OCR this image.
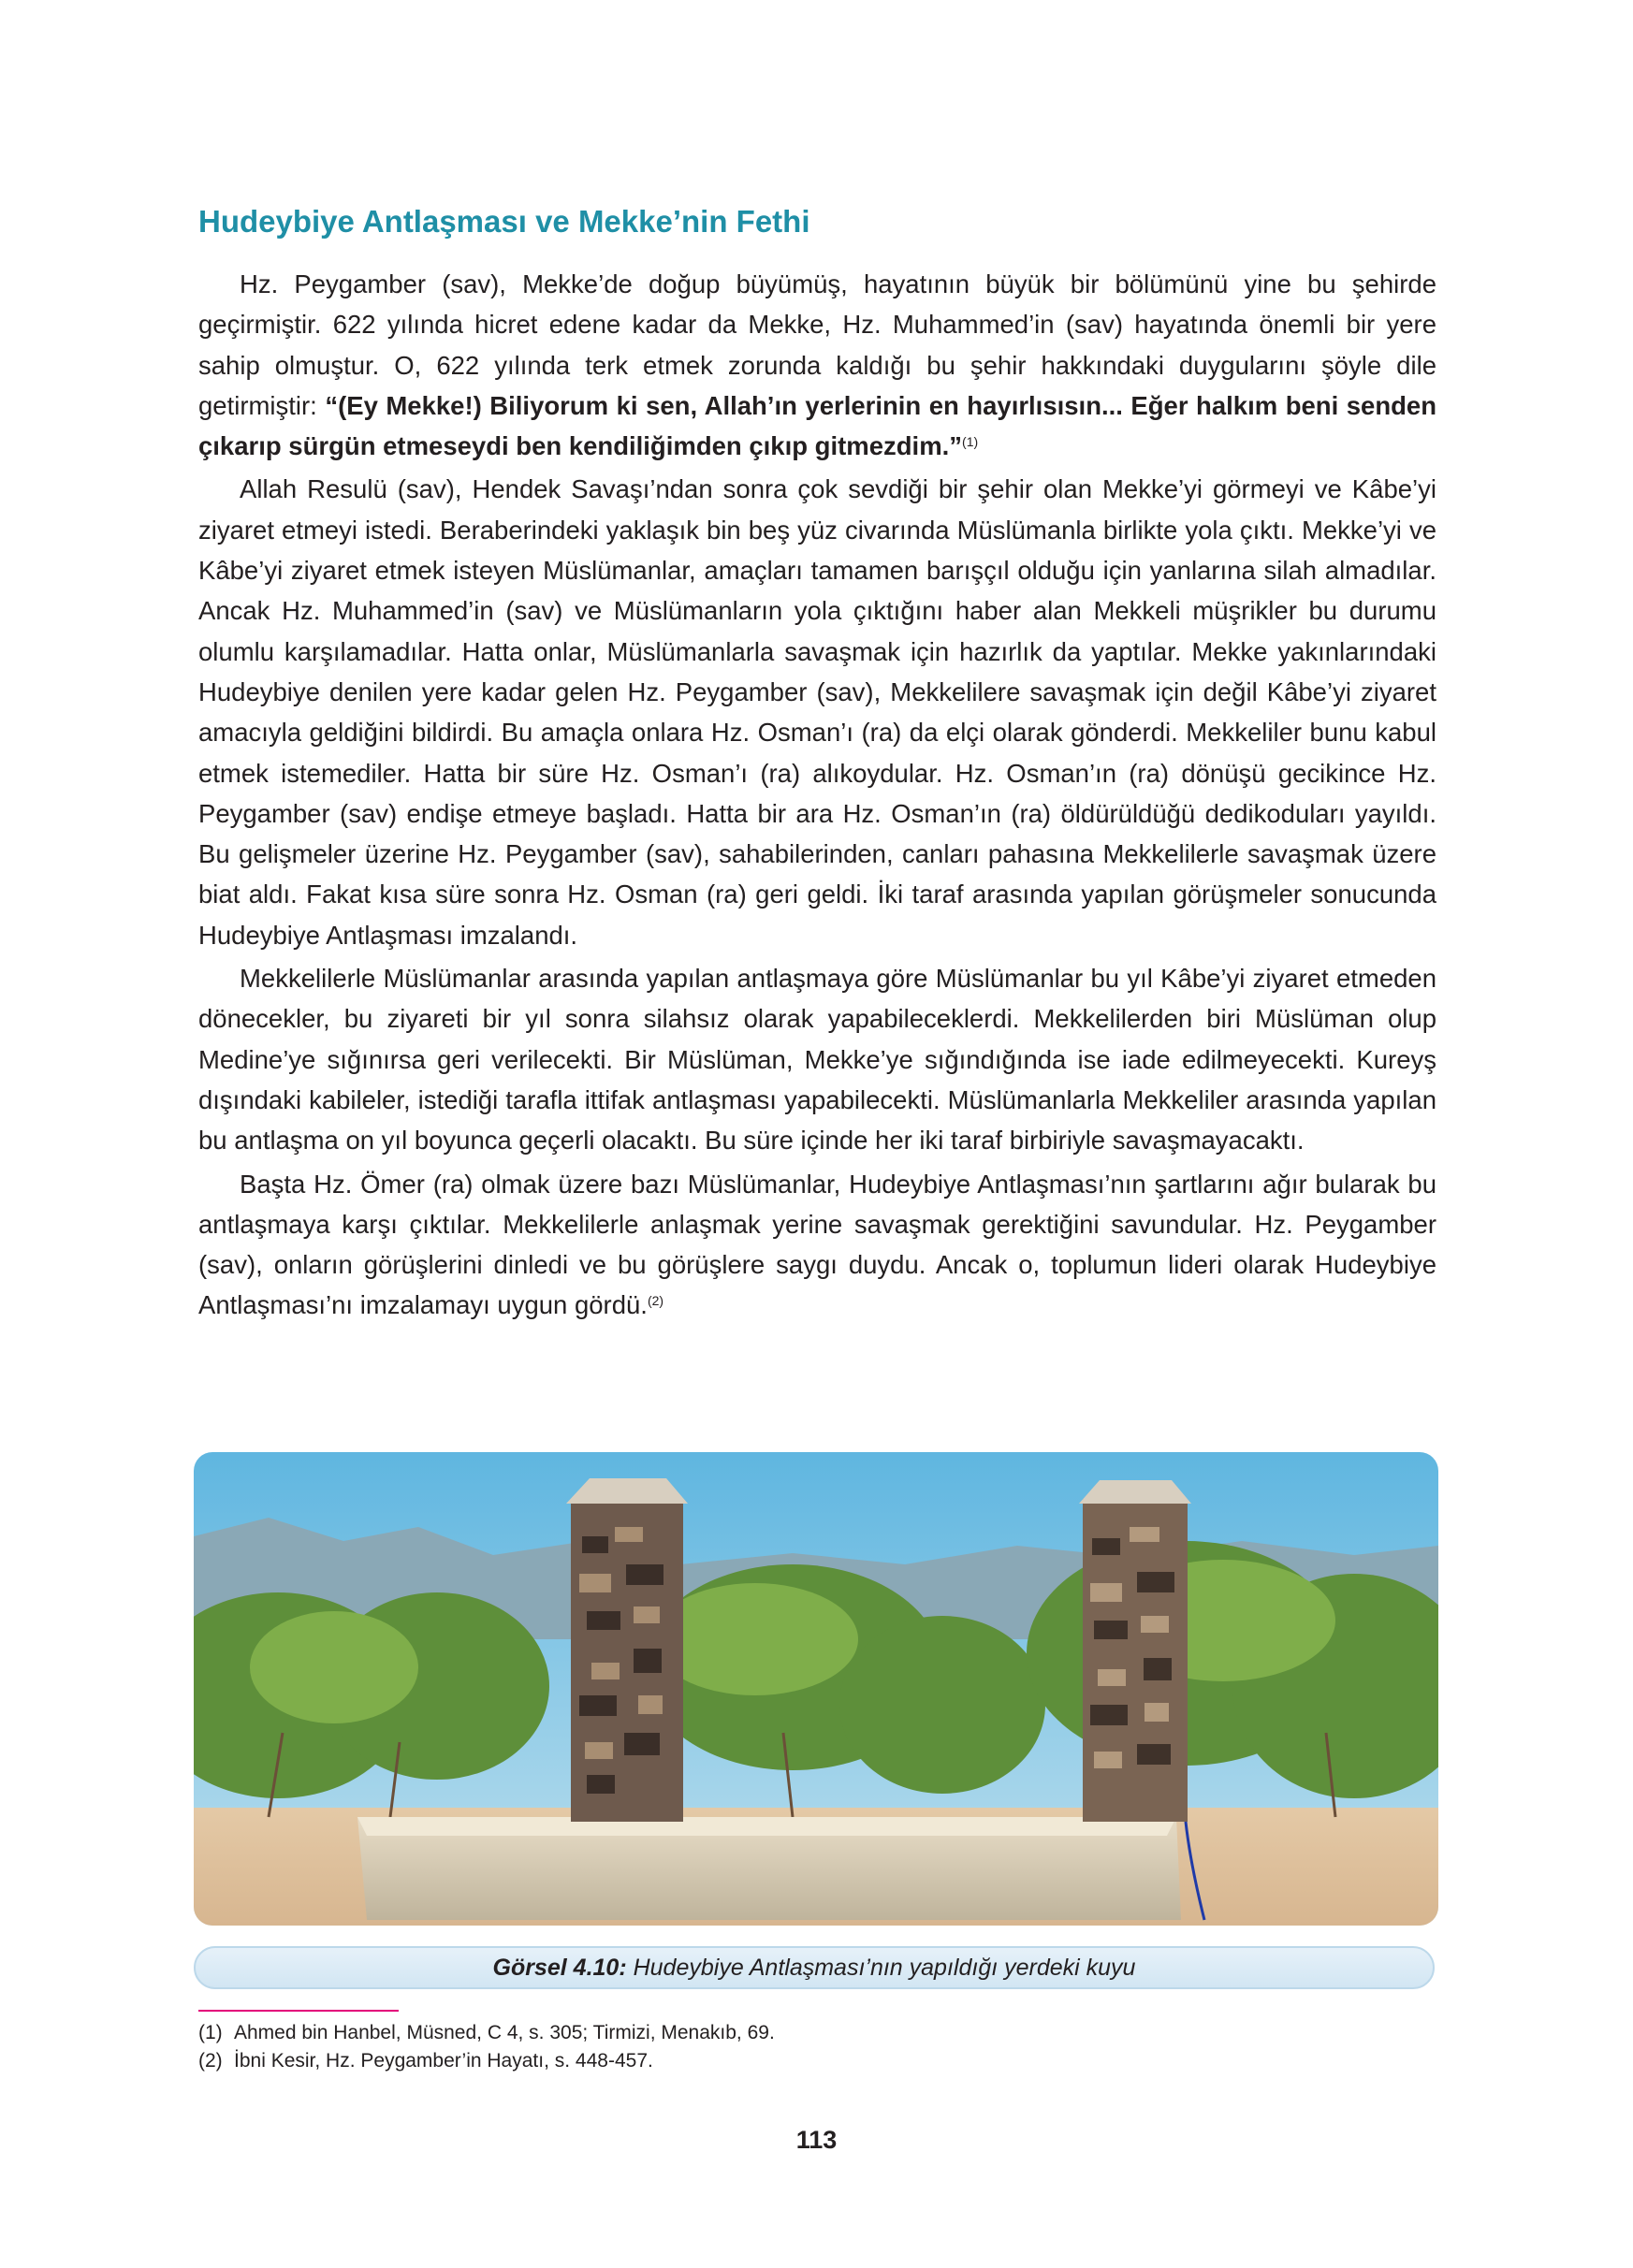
Hudeybiye Antlaşması ve Mekke’nin Fethi

Hz. Peygamber (sav), Mekke’de doğup büyümüş, hayatının büyük bir bölümünü yine bu şehirde geçirmiştir. 622 yılında hicret edene kadar da Mekke, Hz. Muhammed’in (sav) hayatında önemli bir yere sahip olmuştur. O, 622 yılında terk etmek zorunda kaldığı bu şehir hakkındaki duygularını şöyle dile getirmiştir: “(Ey Mekke!) Biliyorum ki sen, Allah’ın yerlerinin en hayırlısısın... Eğer halkım beni senden çıkarıp sürgün etmeseydi ben kendiliğimden çıkıp gitmezdim.”$^{(1)}$

Allah Resulü (sav), Hendek Savaşı’ndan sonra çok sevdiği bir şehir olan Mekke’yi görmeyi ve Kâbe’yi ziyaret etmeyi istedi. Beraberindeki yaklaşık bin beş yüz civarında Müslümanla birlikte yola çıktı. Mekke’yi ve Kâbe’yi ziyaret etmek isteyen Müslümanlar, amaçları tamamen barışçıl olduğu için yanlarına silah almadılar. Ancak Hz. Muhammed’in (sav) ve Müslümanların yola çıktığını haber alan Mekkeli müşrikler bu durumu olumlu karşılamadılar. Hatta onlar, Müslümanlarla savaşmak için hazırlık da yaptılar. Mekke yakınlarındaki Hudeybiye denilen yere kadar gelen Hz. Peygamber (sav), Mekkelilere savaşmak için değil Kâbe’yi ziyaret amacıyla geldiğini bildirdi. Bu amaçla onlara Hz. Osman’ı (ra) da elçi olarak gönderdi. Mekkeliler bunu kabul etmek istemediler. Hatta bir süre Hz. Osman’ı (ra) alıkoydular. Hz. Osman’ın (ra) dönüşü gecikince Hz. Peygamber (sav) endişe etmeye başladı. Hatta bir ara Hz. Osman’ın (ra) öldürüldüğü dedikoduları yayıldı. Bu gelişmeler üzerine Hz. Peygamber (sav), sahabilerinden, canları pahasına Mekkelilerle savaşmak üzere biat aldı. Fakat kısa süre sonra Hz. Osman (ra) geri geldi. İki taraf arasında yapılan görüşmeler sonucunda Hudeybiye Antlaşması imzalandı.

Mekkelilerle Müslümanlar arasında yapılan antlaşmaya göre Müslümanlar bu yıl Kâbe’yi ziyaret etmeden dönecekler, bu ziyareti bir yıl sonra silahsız olarak yapabileceklerdi. Mekkelilerden biri Müslüman olup Medine’ye sığınırsa geri verilecekti. Bir Müslüman, Mekke’ye sığındığında ise iade edilmeyecekti. Kureyş dışındaki kabileler, istediği tarafla ittifak antlaşması yapabilecekti. Müslümanlarla Mekkeliler arasında yapılan bu antlaşma on yıl boyunca geçerli olacaktı. Bu süre içinde her iki taraf birbiriyle savaşmayacaktı.

Başta Hz. Ömer (ra) olmak üzere bazı Müslümanlar, Hudeybiye Antlaşması’nın şartlarını ağır bularak bu antlaşmaya karşı çıktılar. Mekkelilerle anlaşmak yerine savaşmak gerektiğini savundular. Hz. Peygamber (sav), onların görüşlerini dinledi ve bu görüşlere saygı duydu. Ancak o, toplumun lideri olarak Hudeybiye Antlaşması’nı imzalamayı uygun gördü.$^{(2)}$

Görsel 4.10: Hudeybiye Antlaşması’nın yapıldığı yerdeki kuyu
(1) Ahmed bin Hanbel, Müsned, C 4, s. 305; Tirmizi, Menakıb, 69.
(2) İbni Kesir, Hz. Peygamber’in Hayatı, s. 448-457.
113
